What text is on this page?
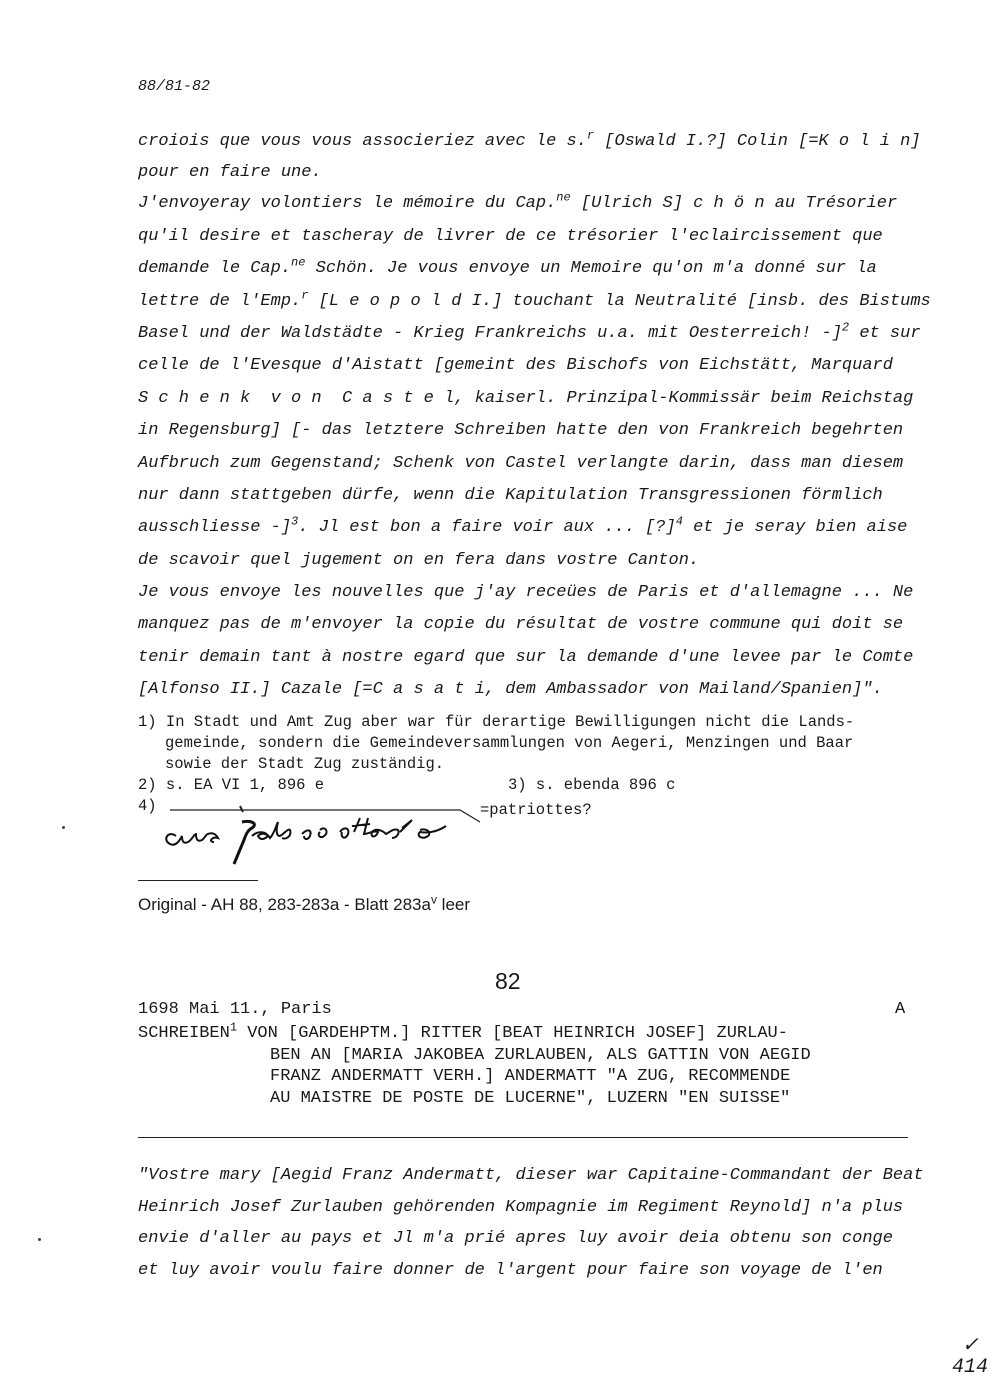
88/81-82
croiois que vous vous associeriez avec le s.$^r$ [Oswald I.?] Colin [=K o l i n]
pour en faire une.
J'envoyeray volontiers le mémoire du Cap.$^{ne}$ [Ulrich S] c h ö n au Trésorier
qu'il desire et tascheray de livrer de ce trésorier l'eclaircissement que
demande le Cap.$^{ne}$ Schön. Je vous envoye un Memoire qu'on m'a donné sur la
lettre de l'Emp.$^r$ [L e o p o l d I.] touchant la Neutralité [insb. des Bistums
Basel und der Waldstädte - Krieg Frankreichs u.a. mit Oesterreich! -]$^2$ et sur
celle de l'Evesque d'Aistatt [gemeint des Bischofs von Eichstätt, Marquard
S c h e n k  v o n  C a s t e l, kaiserl. Prinzipal-Kommissär beim Reichstag
in Regensburg] [- das letztere Schreiben hatte den von Frankreich begehrten
Aufbruch zum Gegenstand; Schenk von Castel verlangte darin, dass man diesem
nur dann stattgeben dürfe, wenn die Kapitulation Transgressionen förmlich
ausschliesse -]$^3$. Jl est bon a faire voir aux ... [?]$^4$ et je seray bien aise
de scavoir quel jugement on en fera dans vostre Canton.
Je vous envoye les nouvelles que j'ay receües de Paris et d'allemagne ... Ne
manquez pas de m'envoyer la copie du résultat de vostre commune qui doit se
tenir demain tant à nostre egard que sur la demande d'une levee par le Comte
[Alfonso II.] Cazale [=C a s a t i, dem Ambassador von Mailand/Spanien]".
1) In Stadt und Amt Zug aber war für derartige Bewilligungen nicht die Lands-
gemeinde, sondern die Gemeindeversammlungen von Aegeri, Menzingen und Baar
sowie der Stadt Zug zuständig.
2) s. EA VI 1, 896 e	3) s. ebenda 896 c
4)	=patriottes?
Original - AH 88, 283-283a - Blatt $283a^v$ leer
82
1698 Mai 11., Paris	A
SCHREIBEN$^1$ VON [GARDEHPTM.] RITTER [BEAT HEINRICH JOSEF] ZURLAU-
BEN AN [MARIA JAKOBEA ZURLAUBEN, ALS GATTIN VON AEGID
FRANZ ANDERMATT VERH.] ANDERMATT "A ZUG, RECOMMENDE
AU MAISTRE DE POSTE DE LUCERNE", LUZERN "EN SUISSE"
"Vostre mary [Aegid Franz Andermatt, dieser war Capitaine-Commandant der Beat
Heinrich Josef Zurlauben gehörenden Kompagnie im Regiment Reynold] n'a plus
envie d'aller au pays et Jl m'a prié apres luy avoir deia obtenu son conge
et luy avoir voulu faire donner de l'argent pour faire son voyage de l'en
✓
414
